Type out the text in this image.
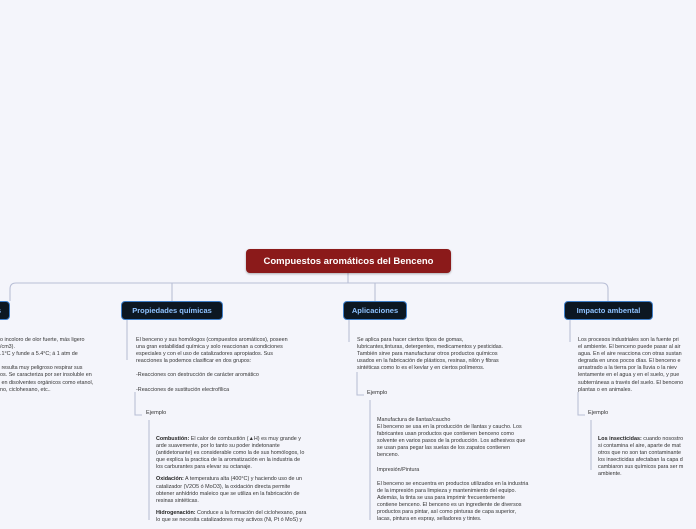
Compuestos aromáticos del Benceno
Propiedades químicas	Aplicaciones	Impacto ambental
o incoloro de olor fuerte, más ligero
/cm3).
.1°C y funde a 5.4°C; á 1 atm de

resulta muy peligroso respirar sus
os. Se caracteriza por ser insoluble en
en disolventes orgánicos como etanol,
no, ciclohexano, etc..
El benceno y sus homólogos (compuestos aromáticos), poseen
una gran estabilidad química y solo reaccionan a condiciones
especiales y con el uso de catalizadores apropiados. Sus
reacciones la podemos clasificar en dos grupos:

-Reacciones con destrucción de carácter aromático

-Reacciones de sustitución electrofílica
Ejemplo

Combustión: El calor de combustión (▲H) es muy grande y
arde suavemente, por lo tanto su poder indetonante
(antidetonante) es considerable como la de sus homólogos, lo
que explica la practica de la aromatización en la industria de
los carburantes para elevar su octanaje.

Oxidación: A temperatura alta (400°C) y haciendo uso de un
catalizador (V2O5 ó MoO3), la oxidación directa permite
obtener anhídrido maleico que se utiliza en la fabricación de
resinas sintéticas.

Hidrogenación: Conduce a la formación del ciclohexano, para
lo que se necesita catalizadores muy activos (Ni, Pt ó MoS) y

Se aplica para hacer ciertos tipos de gomas,
lubricantes,tinturas, detergentes, medicamentos y pesticidas.
También sirve para manufacturar otros productos químicos
usados en la fabricación de plásticos, resinas, nilón y fibras
sintéticas como lo es el kevlar y en ciertos polímeros.
Ejemplo
Manufactura de llantas/caucho
El benceno se usa en la producción de llantas y caucho. Los
fabricantes usan productos que contienen benceno como
solvente en varios pasos de la producción. Los adhesivos que
se usan para pegar las suelas de los zapatos contienen
benceno.

Impresión/Pintura

El benceno se encuentra en productos utilizados en la industria
de la impresión para limpieza y mantenimiento del equipo.
Además, la tinta se usa para imprimir frecuentemente
contiene benceno. El benceno es un ingrediente de diversos
productos para pintar, así como pinturas de capa superior,
lacas, pintura en espray, selladores y tintes.
Los procesos industriales son la fuente pri
el ambiente. El benceno puede pasar al air
agua. En el aire reacciona con otras sustan
degrada en unos pocos días. El benceno e
arrastrado a la tierra por la lluvia o la niev
lentamente en el agua y en el suelo, y pue
subterráneas a través del suelo. El benceno
plantas o en animales.
Ejemplo

Los insecticidas: cuando nosostro
si contamina el aire, aparte de mat
otros que no son tan contaminante
los insecticidas afectaban la capa d
cambiaron sus químicos para ser m
ambiente.
